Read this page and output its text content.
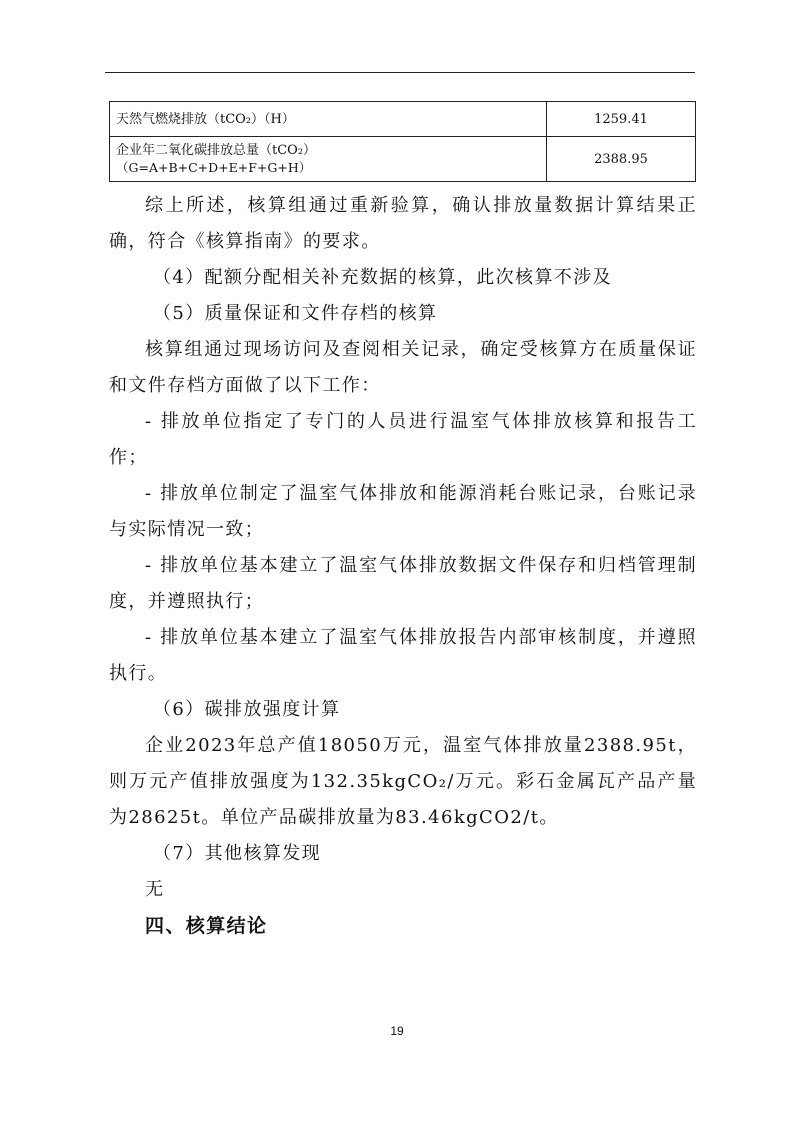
天然气燃烧排放（tCO₂）（H）	1259.41
企业年二氧化碳排放总量（tCO₂）
（G=A+B+C+D+E+F+G+H）	2388.95

综上所述，核算组通过重新验算，确认排放量数据计算结果正确，符合《核算指南》的要求。

（4）配额分配相关补充数据的核算，此次核算不涉及

（5）质量保证和文件存档的核算

核算组通过现场访问及查阅相关记录，确定受核算方在质量保证和文件存档方面做了以下工作：

- 排放单位指定了专门的人员进行温室气体排放核算和报告工作；

- 排放单位制定了温室气体排放和能源消耗台账记录，台账记录与实际情况一致；

- 排放单位基本建立了温室气体排放数据文件保存和归档管理制度，并遵照执行；

- 排放单位基本建立了温室气体排放报告内部审核制度，并遵照执行。

（6）碳排放强度计算

企业2023年总产值18050万元，温室气体排放量2388.95t，则万元产值排放强度为132.35kgCO₂/万元。彩石金属瓦产品产量为28625t。单位产品碳排放量为83.46kgCO2/t。

（7）其他核算发现

无

四、核算结论
19
